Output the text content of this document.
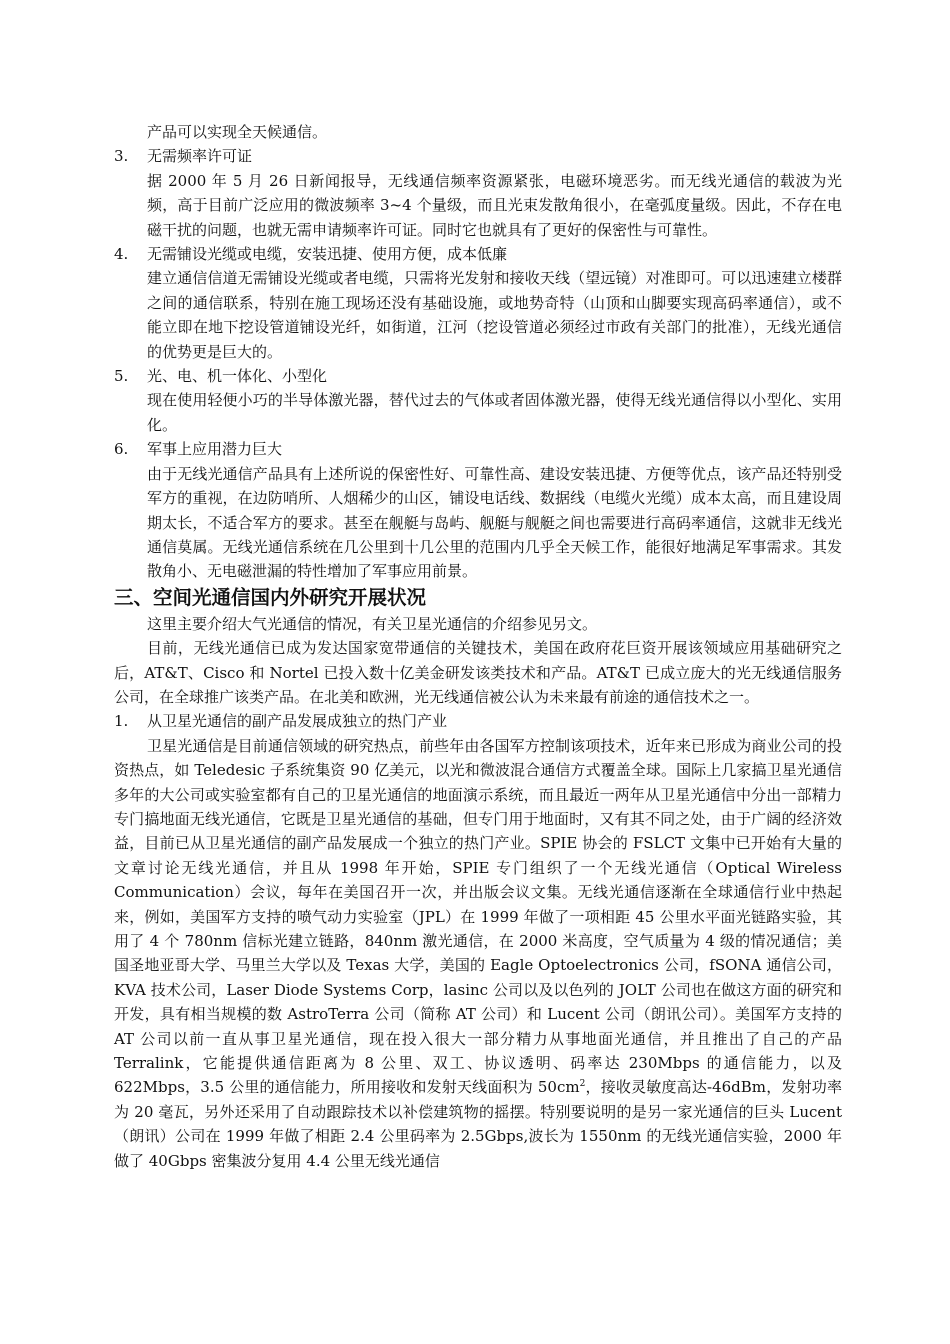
产品可以实现全天候通信。

3.	无需频率许可证

据 2000 年 5 月 26 日新闻报导，无线通信频率资源紧张，电磁环境恶劣。而无线光通信的载波为光频，高于目前广泛应用的微波频率 3~4 个量级，而且光束发散角很小，在毫弧度量级。因此，不存在电磁干扰的问题，也就无需申请频率许可证。同时它也就具有了更好的保密性与可靠性。

4.	无需铺设光缆或电缆，安装迅捷、使用方便，成本低廉

建立通信信道无需铺设光缆或者电缆，只需将光发射和接收天线（望远镜）对准即可。可以迅速建立楼群之间的通信联系，特别在施工现场还没有基础设施，或地势奇特（山顶和山脚要实现高码率通信），或不能立即在地下挖设管道铺设光纤，如街道，江河（挖设管道必须经过市政有关部门的批准），无线光通信的优势更是巨大的。

5.	光、电、机一体化、小型化

现在使用轻便小巧的半导体激光器，替代过去的气体或者固体激光器，使得无线光通信得以小型化、实用化。

6.	军事上应用潜力巨大

由于无线光通信产品具有上述所说的保密性好、可靠性高、建设安装迅捷、方便等优点，该产品还特别受军方的重视，在边防哨所、人烟稀少的山区，铺设电话线、数据线（电缆火光缆）成本太高，而且建设周期太长，不适合军方的要求。甚至在舰艇与岛屿、舰艇与舰艇之间也需要进行高码率通信，这就非无线光通信莫属。无线光通信系统在几公里到十几公里的范围内几乎全天候工作，能很好地满足军事需求。其发散角小、无电磁泄漏的特性增加了军事应用前景。

三、空间光通信国内外研究开展状况

这里主要介绍大气光通信的情况，有关卫星光通信的介绍参见另文。

目前，无线光通信已成为发达国家宽带通信的关键技术，美国在政府花巨资开展该领域应用基础研究之后，AT&T、Cisco 和 Nortel 已投入数十亿美金研发该类技术和产品。AT&T 已成立庞大的光无线通信服务公司，在全球推广该类产品。在北美和欧洲，光无线通信被公认为未来最有前途的通信技术之一。

1.	从卫星光通信的副产品发展成独立的热门产业

卫星光通信是目前通信领域的研究热点，前些年由各国军方控制该项技术，近年来已形成为商业公司的投资热点，如 Teledesic 子系统集资 90 亿美元，以光和微波混合通信方式覆盖全球。国际上几家搞卫星光通信多年的大公司或实验室都有自己的卫星光通信的地面演示系统，而且最近一两年从卫星光通信中分出一部精力专门搞地面无线光通信，它既是卫星光通信的基础，但专门用于地面时，又有其不同之处，由于广阔的经济效益，目前已从卫星光通信的副产品发展成一个独立的热门产业。SPIE 协会的 FSLCT 文集中已开始有大量的文章讨论无线光通信，并且从 1998 年开始，SPIE 专门组织了一个无线光通信（Optical Wireless Communication）会议，每年在美国召开一次，并出版会议文集。无线光通信逐渐在全球通信行业中热起来，例如，美国军方支持的喷气动力实验室（JPL）在 1999 年做了一项相距 45 公里水平面光链路实验，其用了 4 个 780nm 信标光建立链路，840nm 激光通信，在 2000 米高度，空气质量为 4 级的情况通信；美国圣地亚哥大学、马里兰大学以及 Texas 大学，美国的 Eagle Optoelectronics 公司，fSONA 通信公司，KVA 技术公司，Laser Diode Systems Corp，lasinc 公司以及以色列的 JOLT 公司也在做这方面的研究和开发，具有相当规模的数 AstroTerra 公司（简称 AT 公司）和 Lucent 公司（朗讯公司）。美国军方支持的 AT 公司以前一直从事卫星光通信，现在投入很大一部分精力从事地面光通信，并且推出了自己的产品 Terralink，它能提供通信距离为 8 公里、双工、协议透明、码率达 230Mbps 的通信能力，以及 622Mbps，3.5 公里的通信能力，所用接收和发射天线面积为 $50cm^2$，接收灵敏度高达-46dBm，发射功率为 20 毫瓦，另外还采用了自动跟踪技术以补偿建筑物的摇摆。特别要说明的是另一家光通信的巨头 Lucent（朗讯）公司在 1999 年做了相距 2.4 公里码率为 2.5Gbps,波长为 1550nm 的无线光通信实验，2000 年做了 40Gbps 密集波分复用 4.4 公里无线光通信
